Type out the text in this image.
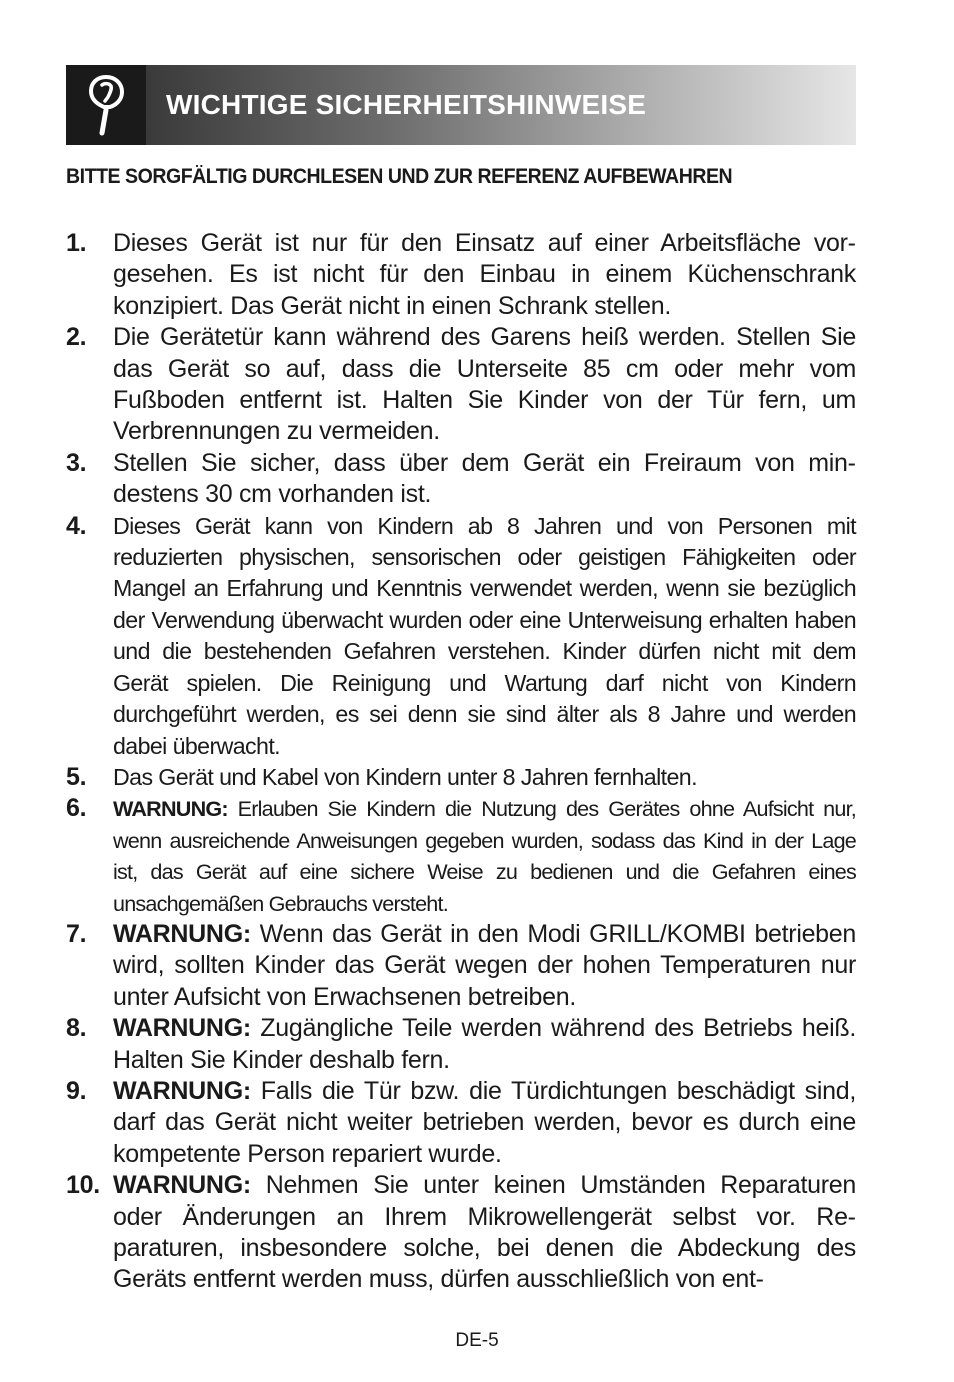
WICHTIGE SICHERHEITSHINWEISE
BITTE SORGFÄLTIG DURCHLESEN UND ZUR REFERENZ AUFBEWAHREN
1. Dieses Gerät ist nur für den Einsatz auf einer Arbeitsfläche vorgesehen. Es ist nicht für den Einbau in einem Küchenschrank konzipiert. Das Gerät nicht in einen Schrank stellen.
2. Die Gerätetür kann während des Garens heiß werden. Stellen Sie das Gerät so auf, dass die Unterseite 85 cm oder mehr vom Fußboden entfernt ist. Halten Sie Kinder von der Tür fern, um Verbrennungen zu vermeiden.
3. Stellen Sie sicher, dass über dem Gerät ein Freiraum von mindestens 30 cm vorhanden ist.
4. Dieses Gerät kann von Kindern ab 8 Jahren und von Personen mit reduzierten physischen, sensorischen oder geistigen Fähigkeiten oder Mangel an Erfahrung und Kenntnis verwendet werden, wenn sie bezüglich der Verwendung überwacht wurden oder eine Unterweisung erhalten haben und die bestehenden Gefahren verstehen. Kinder dürfen nicht mit dem Gerät spielen. Die Reinigung und Wartung darf nicht von Kindern durchgeführt werden, es sei denn sie sind älter als 8 Jahre und werden dabei überwacht.
5. Das Gerät und Kabel von Kindern unter 8 Jahren fernhalten.
6. WARNUNG: Erlauben Sie Kindern die Nutzung des Gerätes ohne Aufsicht nur, wenn ausreichende Anweisungen gegeben wurden, sodass das Kind in der Lage ist, das Gerät auf eine sichere Weise zu bedienen und die Gefahren eines unsachgemäßen Gebrauchs versteht.
7. WARNUNG: Wenn das Gerät in den Modi GRILL/KOMBI betrieben wird, sollten Kinder das Gerät wegen der hohen Temperaturen nur unter Aufsicht von Erwachsenen betreiben.
8. WARNUNG: Zugängliche Teile werden während des Betriebs heiß. Halten Sie Kinder deshalb fern.
9. WARNUNG: Falls die Tür bzw. die Türdichtungen beschädigt sind, darf das Gerät nicht weiter betrieben werden, bevor es durch eine kompetente Person repariert wurde.
10. WARNUNG: Nehmen Sie unter keinen Umständen Reparaturen oder Änderungen an Ihrem Mikrowellengerät selbst vor. Reparaturen, insbesondere solche, bei denen die Abdeckung des Geräts entfernt werden muss, dürfen ausschließlich von ent-
DE-5
